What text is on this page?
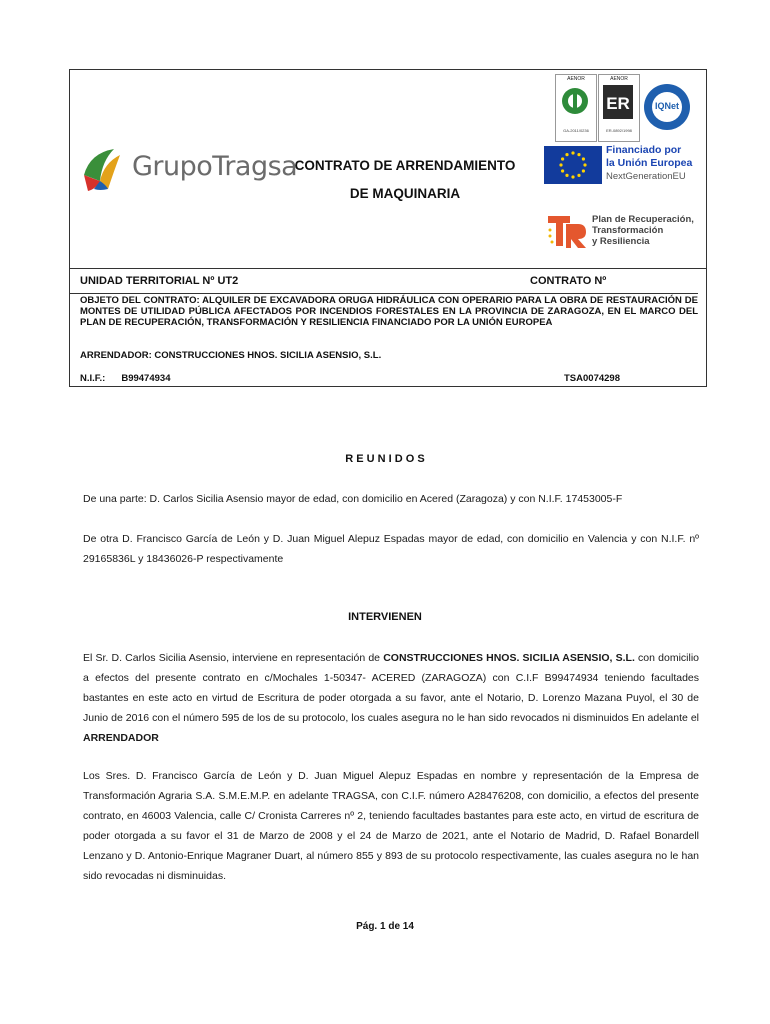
GrupoTragsa
CONTRATO DE ARRENDAMIENTO
DE MAQUINARIA
AENOR
GA-2011/0236
AENOR
ER
ER-0892/1998
IQNet
Financiado por
la Unión Europea
NextGenerationEU
Plan de Recuperación,
Transformación
y Resiliencia
UNIDAD TERRITORIAL Nº UT2	CONTRATO Nº
OBJETO DEL CONTRATO: ALQUILER DE EXCAVADORA ORUGA HIDRÁULICA CON OPERARIO PARA LA OBRA DE RESTAURACIÓN DE MONTES DE UTILIDAD PÚBLICA AFECTADOS POR INCENDIOS FORESTALES EN LA PROVINCIA DE ZARAGOZA, EN EL MARCO DEL PLAN DE RECUPERACIÓN, TRANSFORMACIÓN Y RESILIENCIA FINANCIADO POR LA UNIÓN EUROPEA
ARRENDADOR: CONSTRUCCIONES HNOS. SICILIA ASENSIO, S.L.
N.I.F.: B99474934	TSA0074298
R E U N I D O S
De una parte: D. Carlos Sicilia Asensio mayor de edad, con domicilio en Acered (Zaragoza) y con N.I.F. 17453005-F
De otra D. Francisco García de León y D. Juan Miguel Alepuz Espadas mayor de edad, con domicilio en Valencia y con N.I.F. nº 29165836L y 18436026-P respectivamente
INTERVIENEN
El Sr. D. Carlos Sicilia Asensio, interviene en representación de CONSTRUCCIONES HNOS. SICILIA ASENSIO, S.L. con domicilio a efectos del presente contrato en c/Mochales 1-50347- ACERED (ZARAGOZA) con C.I.F B99474934 teniendo facultades bastantes en este acto en virtud de Escritura de poder otorgada a su favor, ante el Notario, D. Lorenzo Mazana Puyol, el 30 de Junio de 2016 con el número 595 de los de su protocolo, los cuales asegura no le han sido revocados ni disminuidos En adelante el ARRENDADOR
Los Sres. D. Francisco García de León y D. Juan Miguel Alepuz Espadas en nombre y representación de la Empresa de Transformación Agraria S.A. S.M.E.M.P. en adelante TRAGSA, con C.I.F. número A28476208, con domicilio, a efectos del presente contrato, en 46003 Valencia, calle C/ Cronista Carreres nº 2, teniendo facultades bastantes para este acto, en virtud de escritura de poder otorgada a su favor el 31 de Marzo de 2008 y el 24 de Marzo de 2021, ante el Notario de Madrid, D. Rafael Bonardell Lenzano y D. Antonio-Enrique Magraner Duart, al número 855 y 893 de su protocolo respectivamente, las cuales asegura no le han sido revocadas ni disminuidas.
Pág. 1 de 14
